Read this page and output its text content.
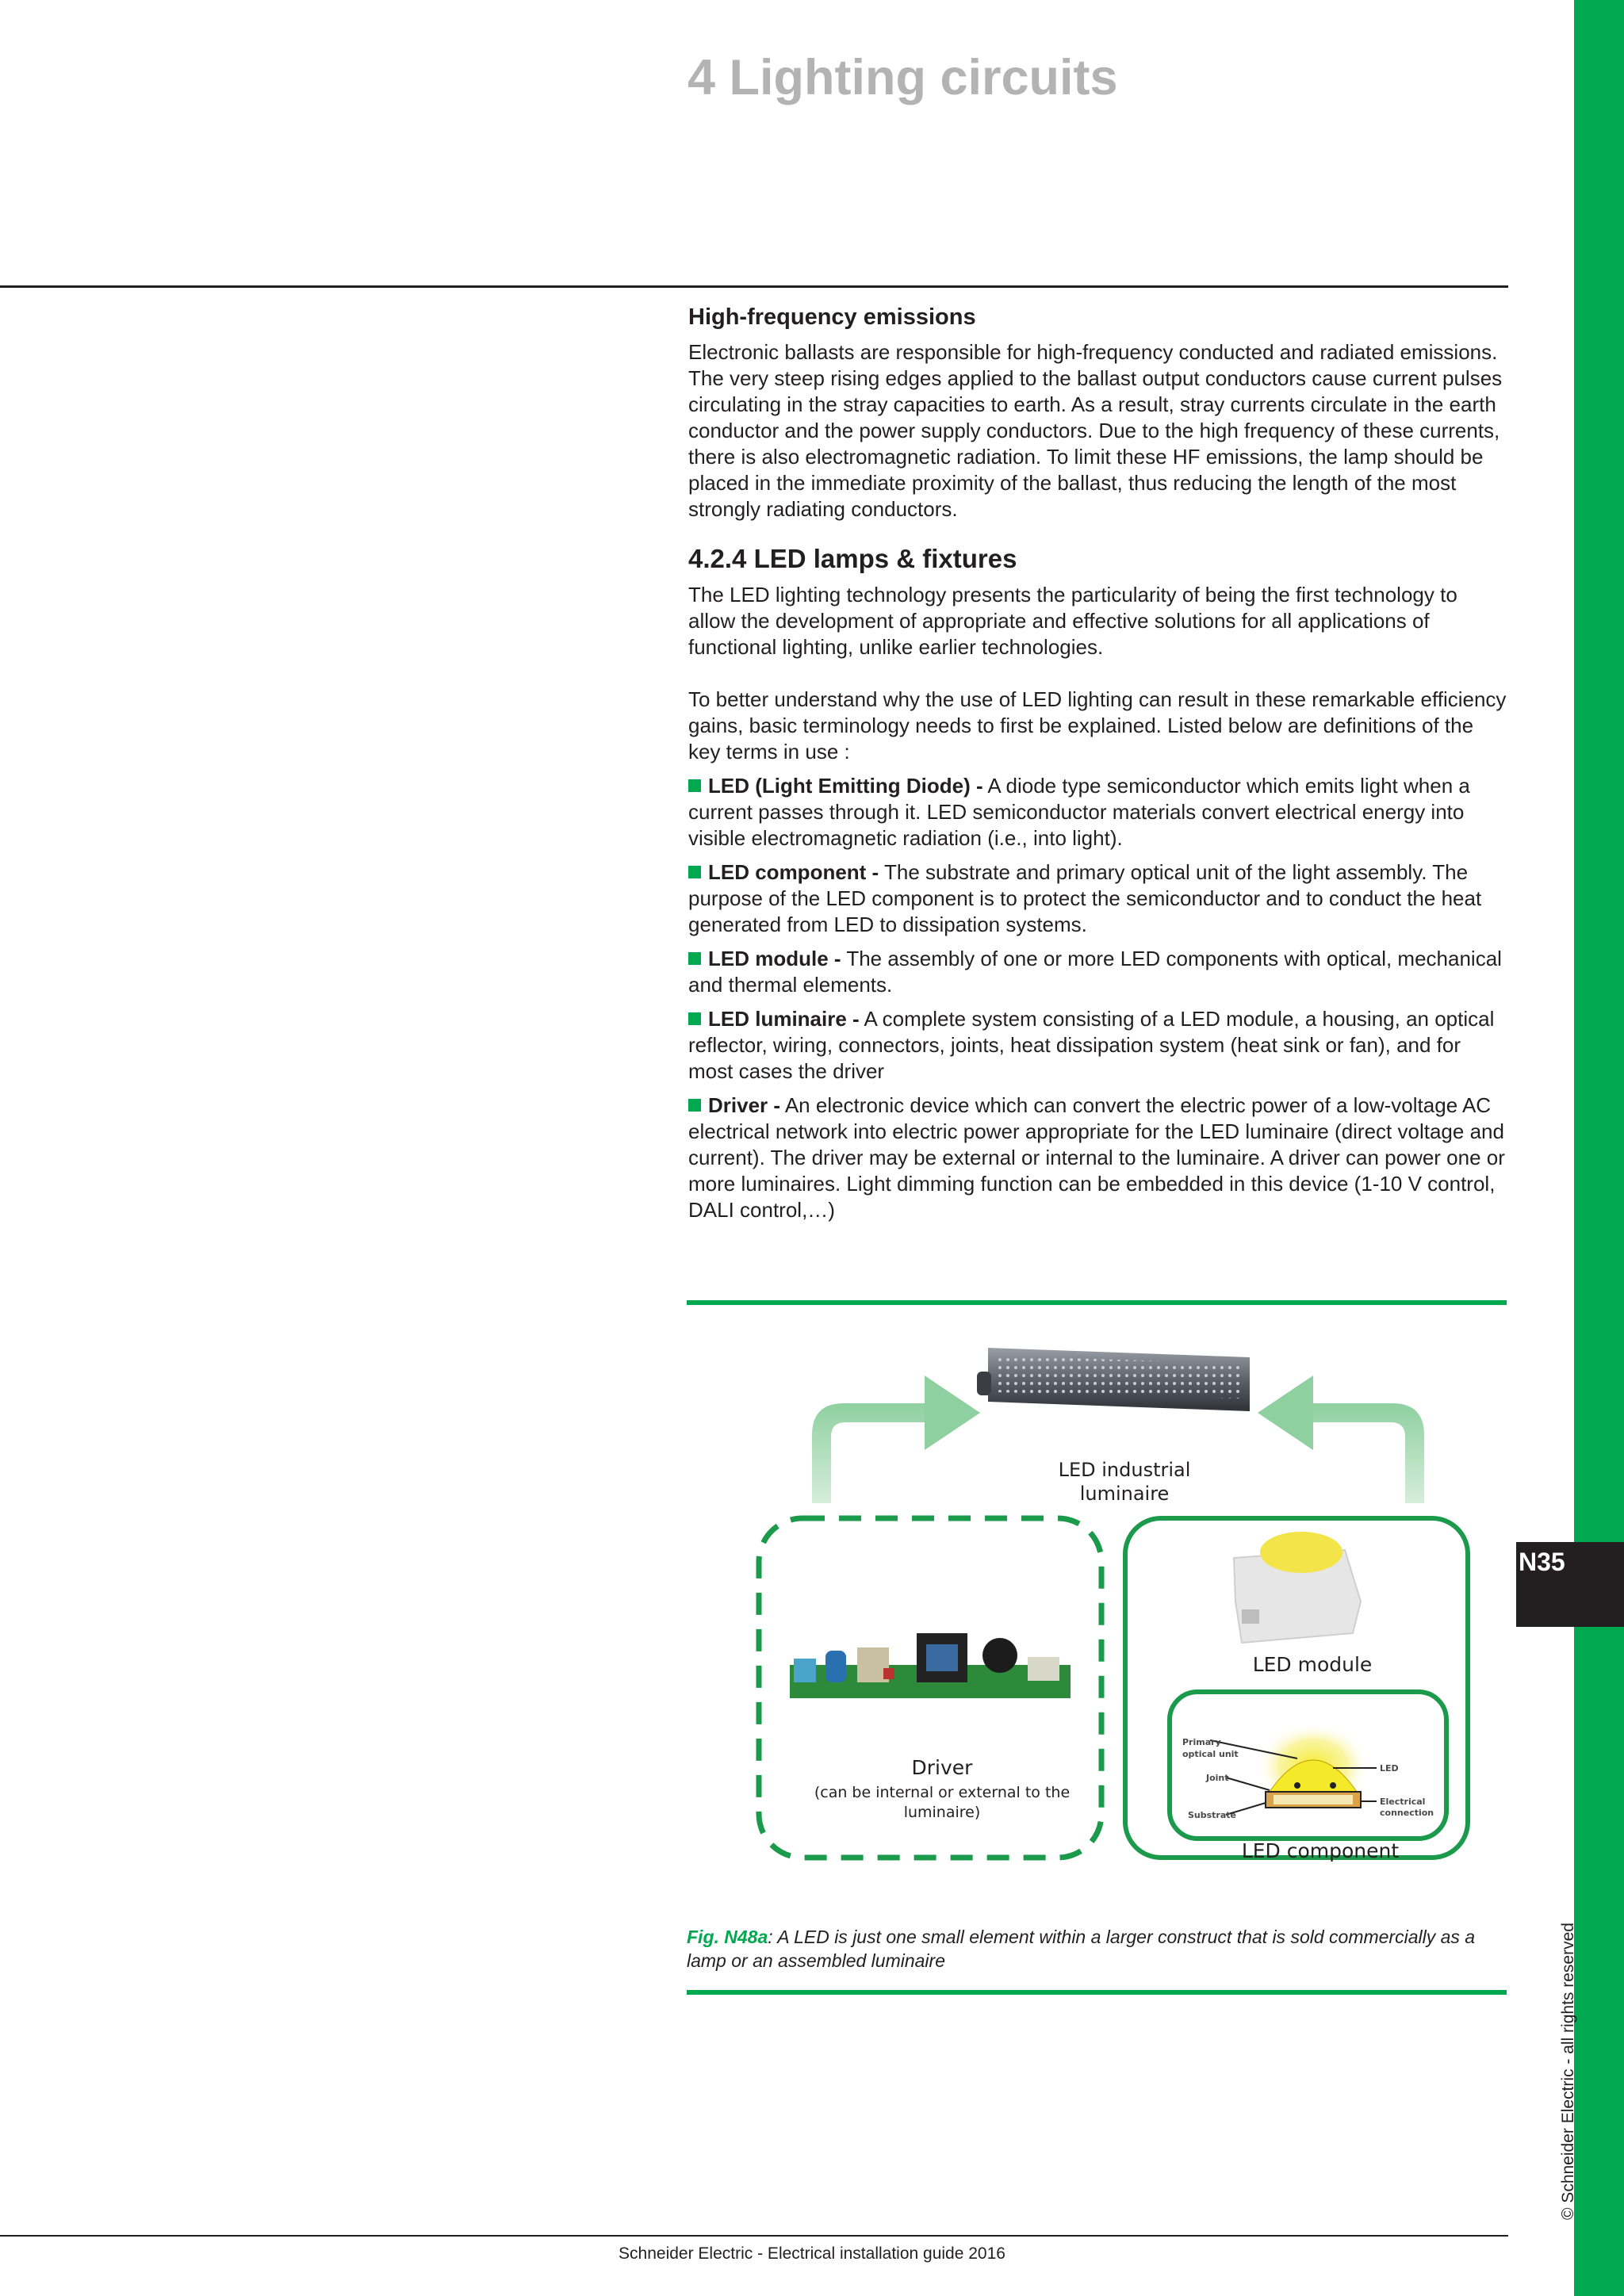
N35
© Schneider Electric - all rights reserved
4 Lighting circuits
High-frequency emissions

Electronic ballasts are responsible for high-frequency conducted and radiated emissions.

The very steep rising edges applied to the ballast output conductors cause current pulses circulating in the stray capacities to earth. As a result, stray currents circulate in the earth conductor and the power supply conductors. Due to the high frequency of these currents, there is also electromagnetic radiation. To limit these HF emissions, the lamp should be placed in the immediate proximity of the ballast, thus reducing the length of the most strongly radiating conductors.

4.2.4 LED lamps & fixtures

The LED lighting technology presents the particularity of being the first technology to allow the development of appropriate and effective solutions for all applications of functional lighting, unlike earlier technologies.

To better understand why the use of LED lighting can result in these remarkable efficiency gains, basic terminology needs to first be explained. Listed below are definitions of the key terms in use :

LED (Light Emitting Diode) - A diode type semiconductor which emits light when a current passes through it. LED semiconductor materials convert electrical energy into visible electromagnetic radiation (i.e., into light).

LED component - The substrate and primary optical unit of the light assembly. The purpose of the LED component is to protect the semiconductor and to conduct the heat generated from LED to dissipation systems.

LED module - The assembly of one or more LED components with optical, mechanical and thermal elements.

LED luminaire - A complete system consisting of a LED module, a housing, an optical reflector, wiring, connectors, joints, heat dissipation system (heat sink or fan), and for most cases the driver

Driver - An electronic device which can convert the electric power of a low-voltage AC electrical network into electric power appropriate for the LED luminaire (direct voltage and current). The driver may be external or internal to the luminaire. A driver can power one or more luminaires. Light dimming function can be embedded in this device (1-10 V control, DALI control,…)

LED industrial
luminaire
Driver
(can be internal or external to the
luminaire)
LED module
Primary
optical unit
Joint
Substrate
LED
Electrical
connection
LED component
Fig. N48a: A LED is just one small element within a larger construct that is sold commercially as a lamp or an assembled luminaire
Schneider Electric - Electrical installation guide 2016
